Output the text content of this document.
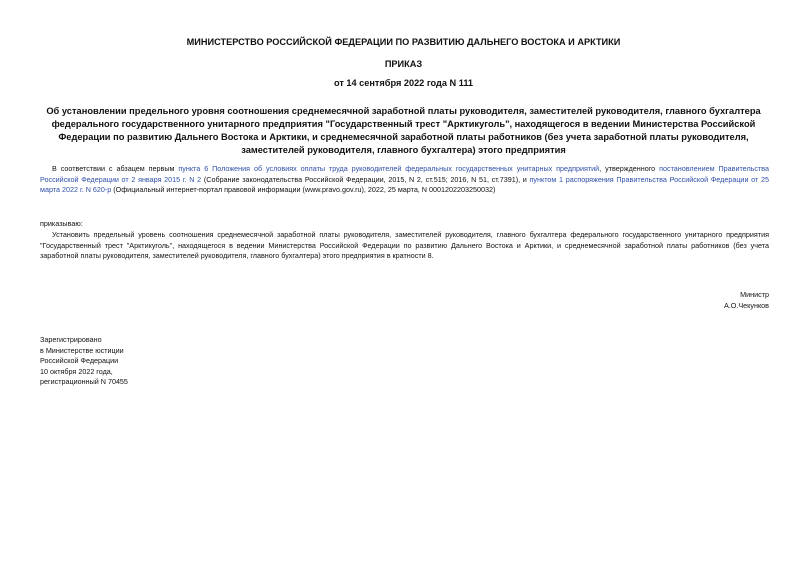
МИНИСТЕРСТВО РОССИЙСКОЙ ФЕДЕРАЦИИ ПО РАЗВИТИЮ ДАЛЬНЕГО ВОСТОКА И АРКТИКИ

ПРИКАЗ

от 14 сентября 2022 года N 111

Об установлении предельного уровня соотношения среднемесячной заработной платы руководителя, заместителей руководителя, главного бухгалтера федерального государственного унитарного предприятия "Государственный трест "Арктикуголь", находящегося в ведении Министерства Российской Федерации по развитию Дальнего Востока и Арктики, и среднемесячной заработной платы работников (без учета заработной платы руководителя, заместителей руководителя, главного бухгалтера) этого предприятия

В соответствии с абзацем первым пункта 6 Положения об условиях оплаты труда руководителей федеральных государственных унитарных предприятий, утвержденного постановлением Правительства Российской Федерации от 2 января 2015 г. N 2 (Собрание законодательства Российской Федерации, 2015, N 2, ст.515; 2016, N 51, ст.7391), и пунктом 1 распоряжения Правительства Российской Федерации от 25 марта 2022 г. N 620-р (Официальный интернет-портал правовой информации (www.pravo.gov.ru), 2022, 25 марта, N 0001202203250032)

приказываю:

Установить предельный уровень соотношения среднемесячной заработной платы руководителя, заместителей руководителя, главного бухгалтера федерального государственного унитарного предприятия "Государственный трест "Арктикуголь", находящегося в ведении Министерства Российской Федерации по развитию Дальнего Востока и Арктики, и среднемесячной заработной платы работников (без учета заработной платы руководителя, заместителей руководителя, главного бухгалтера) этого предприятия в кратности 8.

Министр
А.О.Чекунков
Зарегистрировано
в Министерстве юстиции
Российской Федерации
10 октября 2022 года,
регистрационный N 70455
